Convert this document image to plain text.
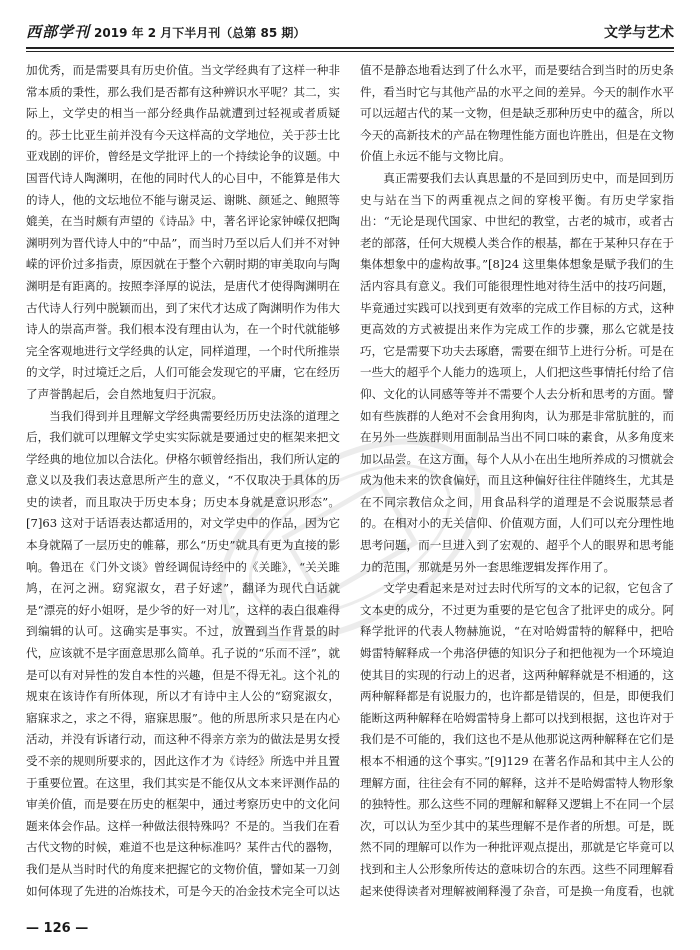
西部学刊 2019 年 2 月下半月刊（总第 85 期）	文学与艺术

加优秀，而是需要具有历史价值。当文学经典有了这样一种非常本质的秉性，那么我们是否都有这种辨识水平呢？其二，实际上，文学史的相当一部分经典作品就遭到过轻视或者质疑的。莎士比亚生前并没有今天这样高的文学地位，关于莎士比亚戏剧的评价，曾经是文学批评上的一个持续论争的议题。中国晋代诗人陶渊明，在他的同时代人的心目中，不能算是伟大的诗人，他的文坛地位不能与谢灵运、谢眺、颜延之、鲍照等媲美，在当时颇有声望的《诗品》中，著名评论家钟嵘仅把陶渊明列为晋代诗人中的“中品”，而当时乃至以后人们并不对钟嵘的评价过多指责，原因就在于整个六朝时期的审美取向与陶渊明是有距离的。按照李泽厚的说法，是唐代才使得陶渊明在古代诗人行列中脱颖而出，到了宋代才达成了陶渊明作为伟大诗人的崇高声誉。我们根本没有理由认为，在一个时代就能够完全客观地进行文学经典的认定，同样道理，一个时代所推崇的文学，时过境迁之后，人们可能会发现它的平庸，它在经历了声誉鹊起后，会自然地复归于沉寂。

当我们得到并且理解文学经典需要经历历史法涤的道理之后，我们就可以理解文学史实实际就是要通过史的框架来把文学经典的地位加以合法化。伊格尔顿曾经指出，我们所认定的意义以及我们表达意思所产生的意义，“不仅取决于具体的历史的读者，而且取决于历史本身；历史本身就是意识形态”。[7]63 这对于话语表达都适用的，对文学史中的作品，因为它本身就隔了一层历史的帷幕，那么“历史”就具有更为直接的影响。鲁迅在《门外文谈》曾经调侃诗经中的《关雎》，“关关雎鸠，在河之洲。窈窕淑女，君子好逑”，翻译为现代白话就是“漂亮的好小姐呀，是少爷的好一对儿”，这样的表白很难得到编辑的认可。这确实是事实。不过，放置到当作背景的时代，应该就不是字面意思那么简单。孔子说的“乐而不淫”，就是可以有对异性的发自本性的兴趣，但是不得无礼。这个礼的规束在该诗作有所体现，所以才有诗中主人公的“窈窕淑女，寤寐求之，求之不得，寤寐思服”。他的所思所求只是在内心活动，并没有诉诸行动，而这种不得亲方亲为的做法是男女授受不亲的规则所要求的，因此这作才为《诗经》所选中并且置于重要位置。在这里，我们其实是不能仅从文本来评测作品的审美价值，而是要在历史的框架中，通过考察历史中的文化问题来体会作品。这样一种做法很特殊吗？不是的。当我们在看古代文物的时候，难道不也是这种标准吗？某件古代的器物，我们是从当时时代的角度来把握它的文物价值，譬如某一刀剑如何体现了先进的冶炼技术，可是今天的冶金技术完全可以达

值不是静态地看达到了什么水平，而是要结合到当时的历史条件，看当时它与其他产品的水平之间的差异。今天的制作水平可以远超古代的某一文物，但是缺乏那种历史中的蕴含，所以今天的高新技术的产品在物理性能方面也许胜出，但是在文物价值上永远不能与文物比肩。

真正需要我们去认真思量的不是回到历史中，而是回到历史与站在当下的两重视点之间的穿梭平衡。有历史学家指出：“无论是现代国家、中世纪的教堂，古老的城市，或者古老的部落，任何大规模人类合作的根基，都在于某种只存在于集体想象中的虚构故事。”[8]24 这里集体想象是赋予我们的生活内容具有意义。我们可能很理性地对待生活中的技巧问题，毕竟通过实践可以找到更有效率的完成工作目标的方式，这种更高效的方式被提出来作为完成工作的步骤，那么它就是技巧，它是需要下功夫去琢磨，需要在细节上进行分析。可是在一些大的超乎个人能力的选项上，人们把这些事情托付给了信仰、文化的认同感等等并不需要个人去分析和思考的方面。譬如有些族群的人绝对不会食用狗肉，认为那是非常肮脏的，而在另外一些族群则用面制品当出不同口味的素食，从多角度来加以品尝。在这方面，每个人从小在出生地所养成的习惯就会成为他未来的饮食偏好，而且这种偏好往往伴随终生，尤其是在不同宗教信众之间，用食品科学的道理是不会说服禁忌者的。在相对小的无关信仰、价值观方面，人们可以充分理性地思考问题，而一旦进入到了宏观的、超乎个人的眼界和思考能力的范围，那就是另外一套思维逻辑发挥作用了。

文学史看起来是对过去时代所写的文本的记叙，它包含了文本史的成分，不过更为重要的是它包含了批评史的成分。阿释学批评的代表人物赫施说，“在对哈姆雷特的解释中，把哈姆雷特解释成一个弗洛伊德的知识分子和把他视为一个环境迫使其目的实现的行动上的迟者，这两种解释就是不相通的，这两种解释都是有说服力的，也许都是错误的，但是，即便我们能断这两种解释在哈姆雷特身上都可以找到根据，这也许对于我们是不可能的，我们这也不是从他那说这两种解释在它们是根本不相通的这个事实。”[9]129 在著名作品和其中主人公的理解方面，往往会有不同的解释，这并不是哈姆雷特人物形象的独特性。那么这些不同的理解和解释又逻辑上不在同一个层次，可以认为至少其中的某些理解不是作者的所想。可是，既然不同的理解可以作为一种批评观点提出，那就是它毕竟可以找到和主人公形象所传达的意味切合的东西。这些不同理解看起来使得读者对理解被阐释漫了杂音，可是换一角度看，也就

— 126 —
